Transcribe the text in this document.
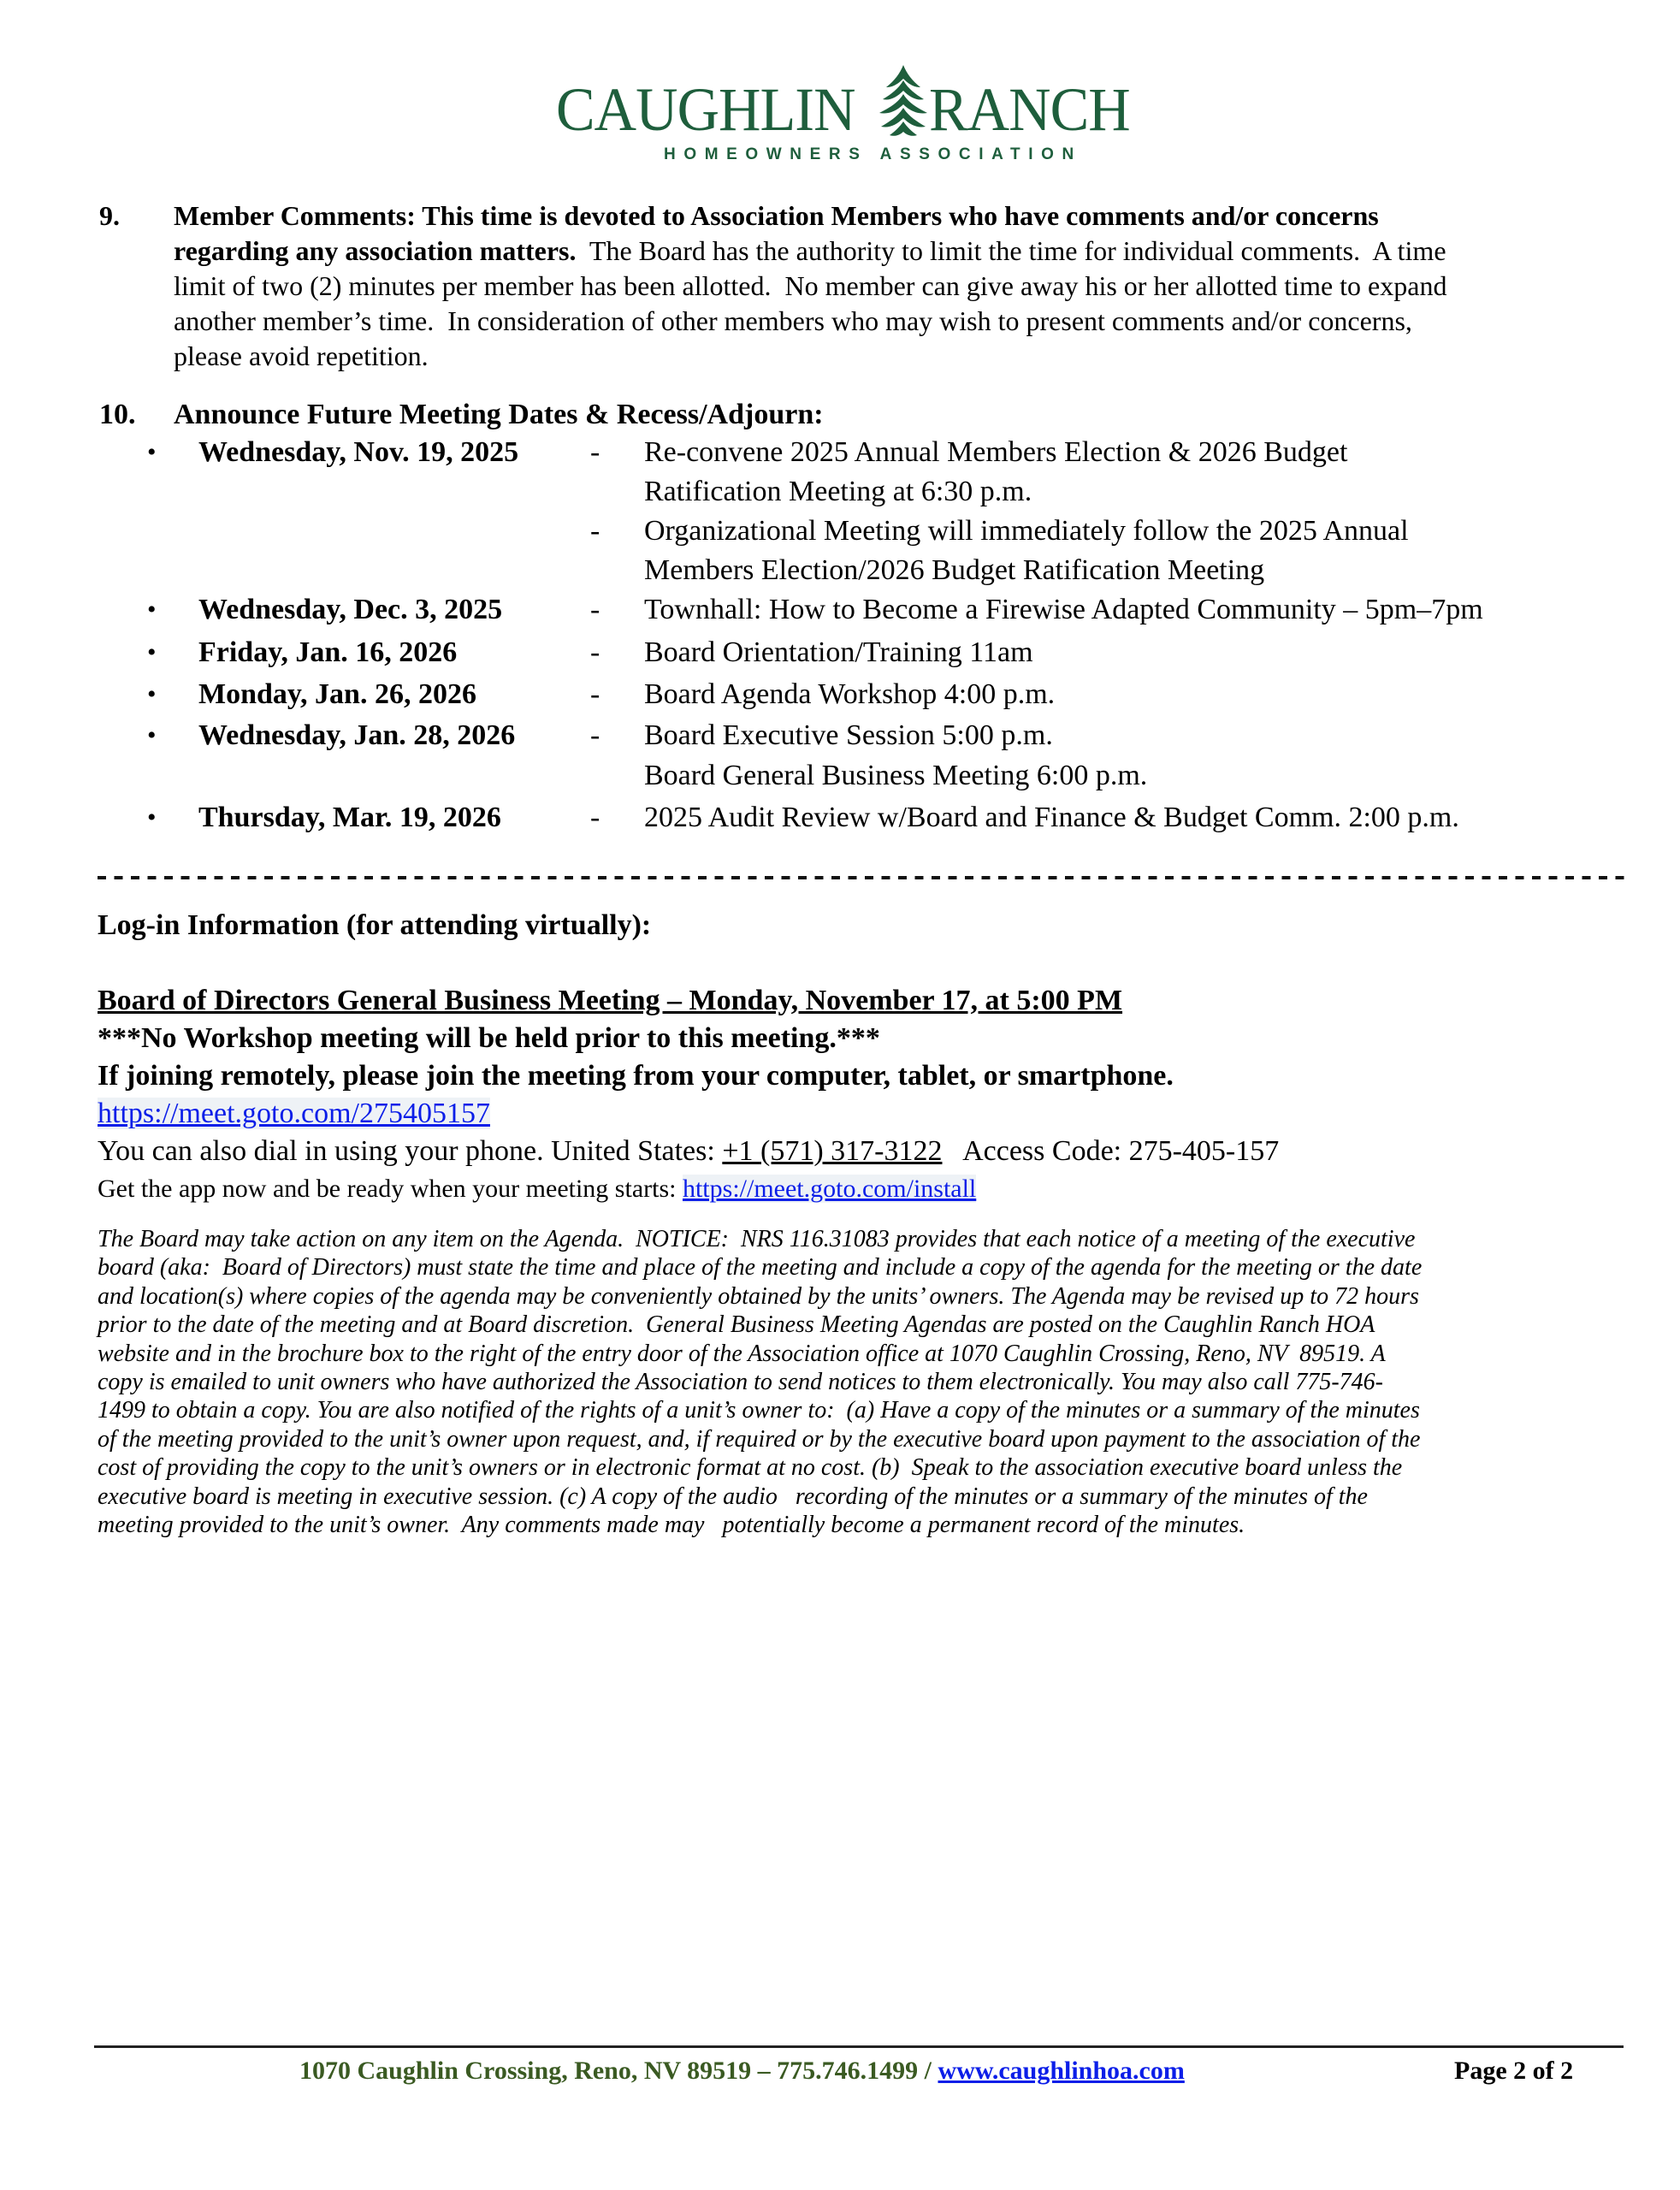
CAUGHLIN RANCH
HOMEOWNERS ASSOCIATION
9. Member Comments: This time is devoted to Association Members who have comments and/or concerns
regarding any association matters.  The Board has the authority to limit the time for individual comments.  A time
limit of two (2) minutes per member has been allotted.  No member can give away his or her allotted time to expand
another member’s time.  In consideration of other members who may wish to present comments and/or concerns,
please avoid repetition.
10. Announce Future Meeting Dates & Recess/Adjourn:
• Wednesday, Nov. 19, 2025 - Re-convene 2025 Annual Members Election & 2026 Budget
Ratification Meeting at 6:30 p.m.
- Organizational Meeting will immediately follow the 2025 Annual
Members Election/2026 Budget Ratification Meeting
• Wednesday, Dec. 3, 2025	- Townhall: How to Become a Firewise Adapted Community – 5pm–7pm
• Friday, Jan. 16, 2026	- Board Orientation/Training 11am
• Monday, Jan. 26, 2026	- Board Agenda Workshop 4:00 p.m.
• Wednesday, Jan. 28, 2026	- Board Executive Session 5:00 p.m.
Board General Business Meeting 6:00 p.m.
• Thursday, Mar. 19, 2026	- 2025 Audit Review w/Board and Finance & Budget Comm. 2:00 p.m.
Log-in Information (for attending virtually):
Board of Directors General Business Meeting – Monday, November 17, at 5:00 PM
***No Workshop meeting will be held prior to this meeting.***
If joining remotely, please join the meeting from your computer, tablet, or smartphone.
https://meet.goto.com/275405157
You can also dial in using your phone. United States: +1 (571) 317-3122   Access Code: 275-405-157
Get the app now and be ready when your meeting starts: https://meet.goto.com/install
The Board may take action on any item on the Agenda.  NOTICE:  NRS 116.31083 provides that each notice of a meeting of the executive
board (aka:  Board of Directors) must state the time and place of the meeting and include a copy of the agenda for the meeting or the date
and location(s) where copies of the agenda may be conveniently obtained by the units’ owners. The Agenda may be revised up to 72 hours
prior to the date of the meeting and at Board discretion.  General Business Meeting Agendas are posted on the Caughlin Ranch HOA
website and in the brochure box to the right of the entry door of the Association office at 1070 Caughlin Crossing, Reno, NV  89519. A
copy is emailed to unit owners who have authorized the Association to send notices to them electronically. You may also call 775-746-
1499 to obtain a copy. You are also notified of the rights of a unit’s owner to:  (a) Have a copy of the minutes or a summary of the minutes
of the meeting provided to the unit’s owner upon request, and, if required or by the executive board upon payment to the association of the
cost of providing the copy to the unit’s owners or in electronic format at no cost. (b)  Speak to the association executive board unless the
executive board is meeting in executive session. (c) A copy of the audio   recording of the minutes or a summary of the minutes of the
meeting provided to the unit’s owner.  Any comments made may   potentially become a permanent record of the minutes.
1070 Caughlin Crossing, Reno, NV 89519 – 775.746.1499 / www.caughlinhoa.com	Page 2 of 2
